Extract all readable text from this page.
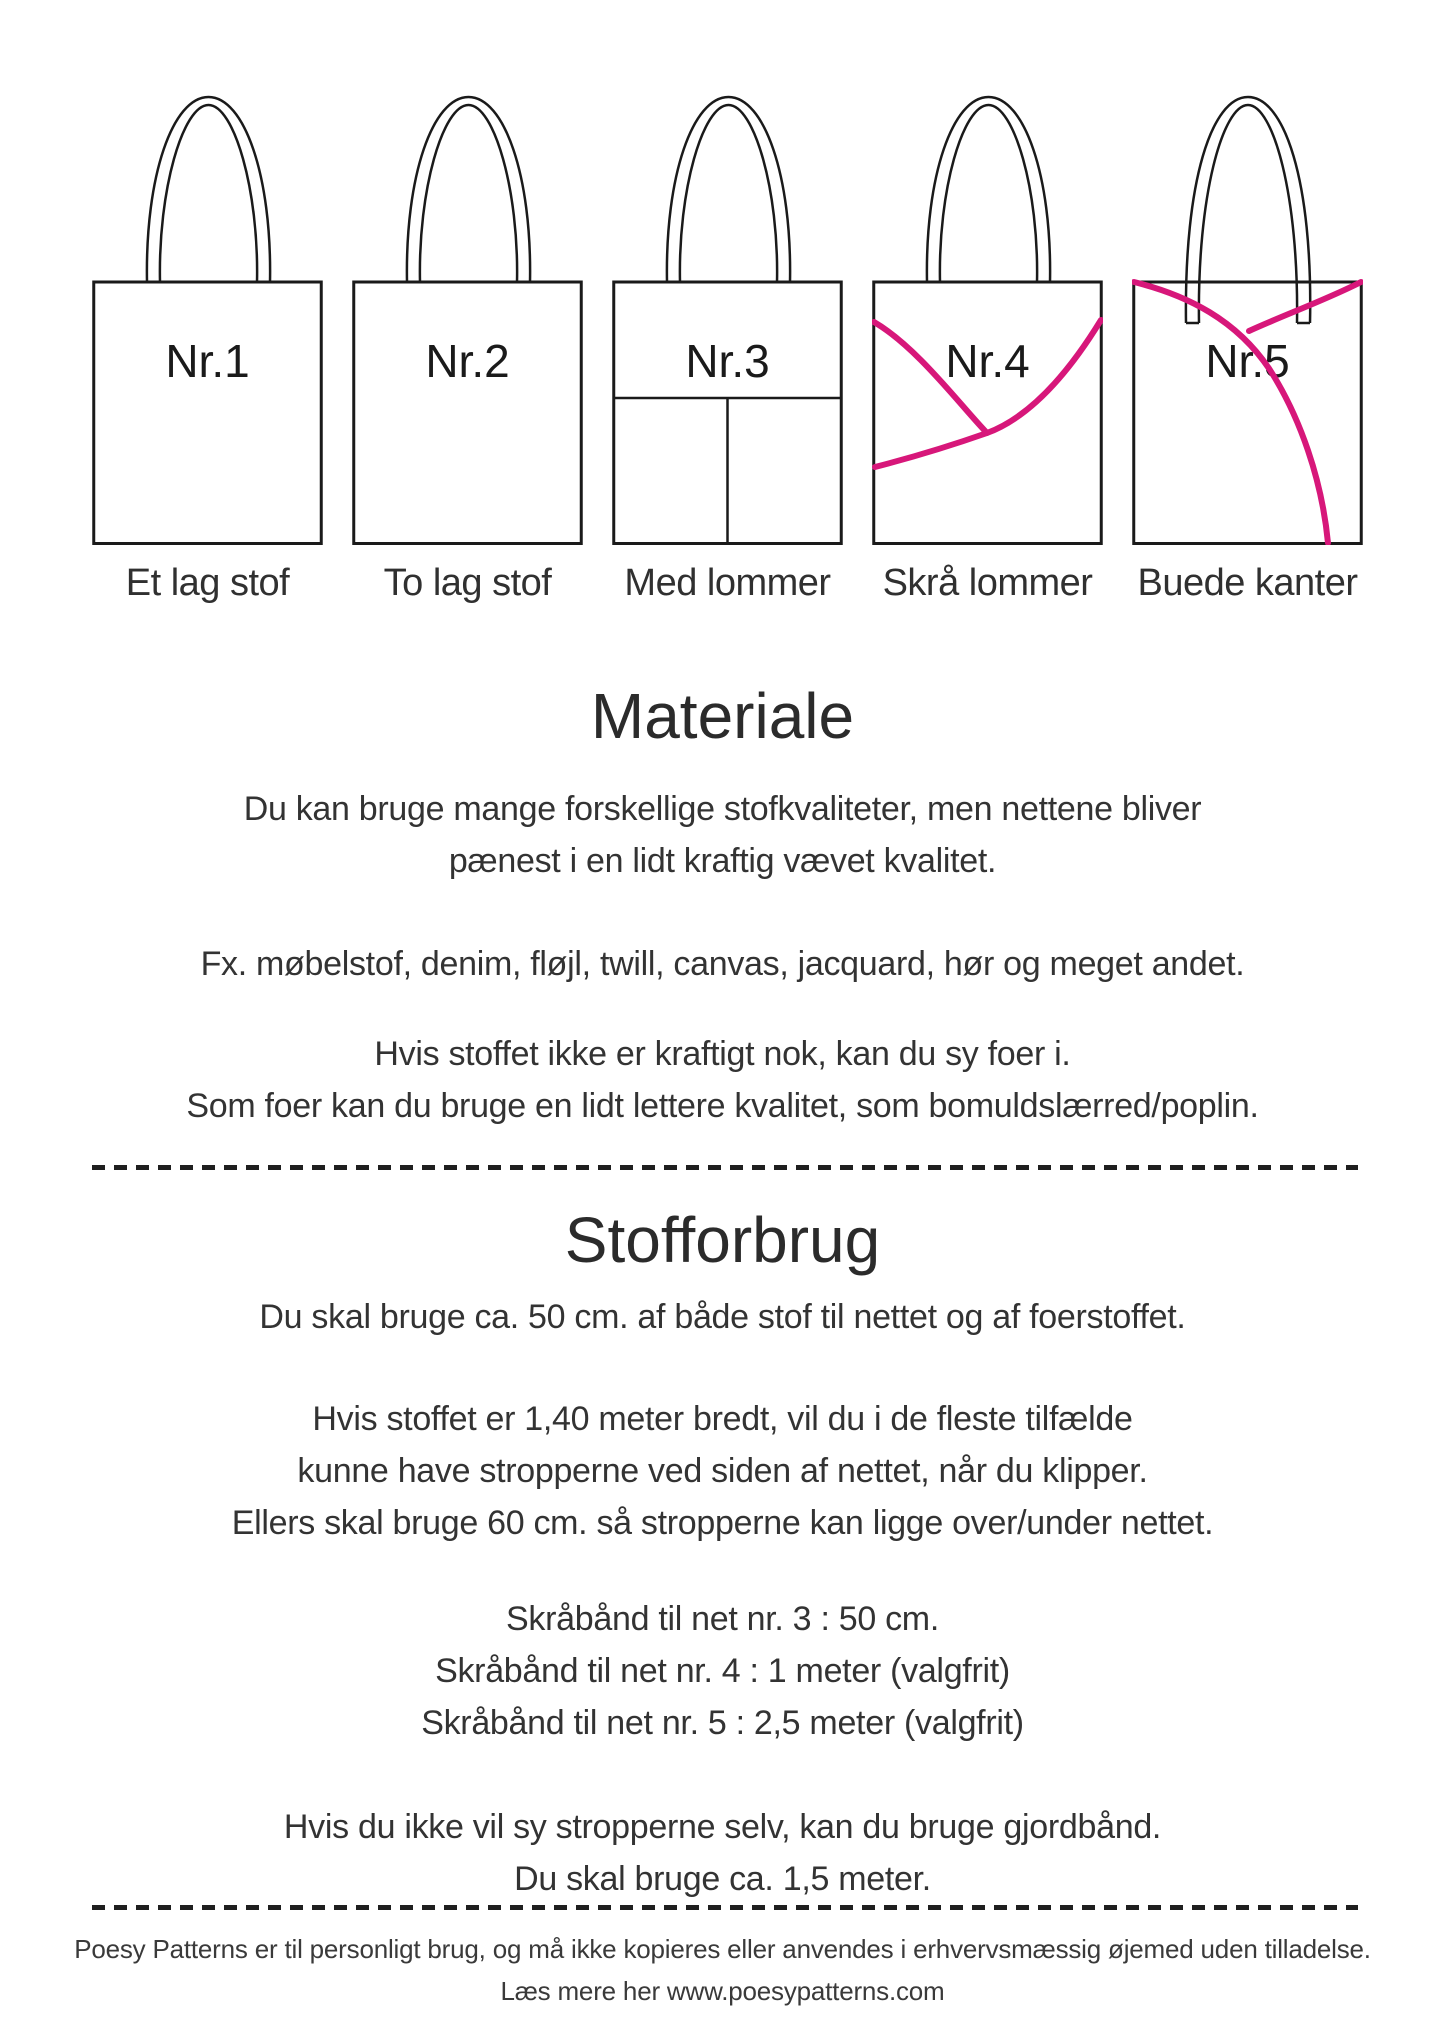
Nr.1
Et lag stof
Nr.2
To lag stof
Nr.3
Med lommer
Nr.4
Skrå lommer
Nr.5
Buede kanter
Materiale

Du kan bruge mange forskellige stofkvaliteter, men nettene bliver
pænest i en lidt kraftig vævet kvalitet.

Fx. møbelstof, denim, fløjl, twill, canvas, jacquard, hør og meget andet.

Hvis stoffet ikke er kraftigt nok, kan du sy foer i.
Som foer kan du bruge en lidt lettere kvalitet, som bomuldslærred/poplin.

Stofforbrug

Du skal bruge ca. 50 cm. af både stof til nettet og af foerstoffet.

Hvis stoffet er 1,40 meter bredt, vil du i de fleste tilfælde
kunne have stropperne ved siden af nettet, når du klipper.
Ellers skal bruge 60 cm. så stropperne kan ligge over/under nettet.

Skråbånd til net nr. 3 : 50 cm.
Skråbånd til net nr. 4 : 1 meter (valgfrit)
Skråbånd til net nr. 5 : 2,5 meter (valgfrit)

Hvis du ikke vil sy stropperne selv, kan du bruge gjordbånd.
Du skal bruge ca. 1,5 meter.

Poesy Patterns er til personligt brug, og må ikke kopieres eller anvendes i erhvervsmæssig øjemed uden tilladelse.
Læs mere her www.poesypatterns.com
